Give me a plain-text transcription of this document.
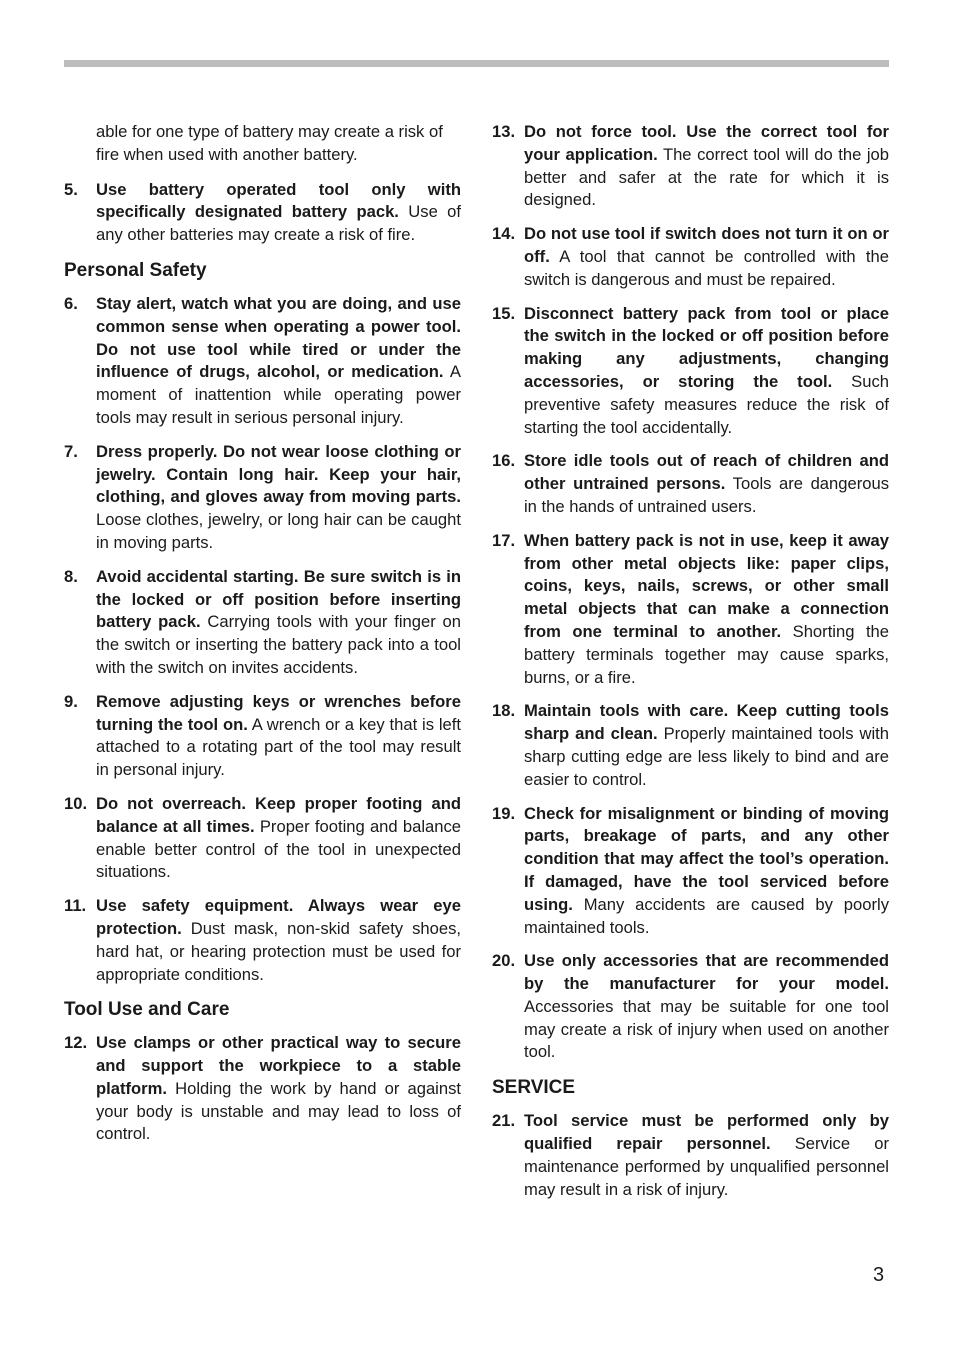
able for one type of battery may create a risk of fire when used with another battery.

5.	Use battery operated tool only with specifically designated battery pack. Use of any other batteries may create a risk of fire.
Personal Safety
6.	Stay alert, watch what you are doing, and use common sense when operating a power tool. Do not use tool while tired or under the influence of drugs, alcohol, or medication. A moment of inattention while operating power tools may result in serious personal injury.
7.	Dress properly. Do not wear loose clothing or jewelry. Contain long hair. Keep your hair, clothing, and gloves away from moving parts. Loose clothes, jewelry, or long hair can be caught in moving parts.
8.	Avoid accidental starting. Be sure switch is in the locked or off position before inserting battery pack. Carrying tools with your finger on the switch or inserting the battery pack into a tool with the switch on invites accidents.
9.	Remove adjusting keys or wrenches before turning the tool on. A wrench or a key that is left attached to a rotating part of the tool may result in personal injury.
10. Do not overreach. Keep proper footing and balance at all times. Proper footing and balance enable better control of the tool in unexpected situations.
11. Use safety equipment. Always wear eye protection. Dust mask, non-skid safety shoes, hard hat, or hearing protection must be used for appropriate conditions.
Tool Use and Care
12. Use clamps or other practical way to secure and support the workpiece to a stable platform. Holding the work by hand or against your body is unstable and may lead to loss of control.
13. Do not force tool. Use the correct tool for your application. The correct tool will do the job better and safer at the rate for which it is designed.
14. Do not use tool if switch does not turn it on or off. A tool that cannot be controlled with the switch is dangerous and must be repaired.
15. Disconnect battery pack from tool or place the switch in the locked or off position before making any adjustments, changing accessories, or storing the tool. Such preventive safety measures reduce the risk of starting the tool accidentally.
16. Store idle tools out of reach of children and other untrained persons. Tools are dangerous in the hands of untrained users.
17. When battery pack is not in use, keep it away from other metal objects like: paper clips, coins, keys, nails, screws, or other small metal objects that can make a connection from one terminal to another. Shorting the battery terminals together may cause sparks, burns, or a fire.
18. Maintain tools with care. Keep cutting tools sharp and clean. Properly maintained tools with sharp cutting edge are less likely to bind and are easier to control.
19. Check for misalignment or binding of moving parts, breakage of parts, and any other condition that may affect the tool’s operation. If damaged, have the tool serviced before using. Many accidents are caused by poorly maintained tools.
20. Use only accessories that are recommended by the manufacturer for your model. Accessories that may be suitable for one tool may create a risk of injury when used on another tool.
SERVICE
21. Tool service must be performed only by qualified repair personnel. Service or maintenance performed by unqualified personnel may result in a risk of injury.
3
